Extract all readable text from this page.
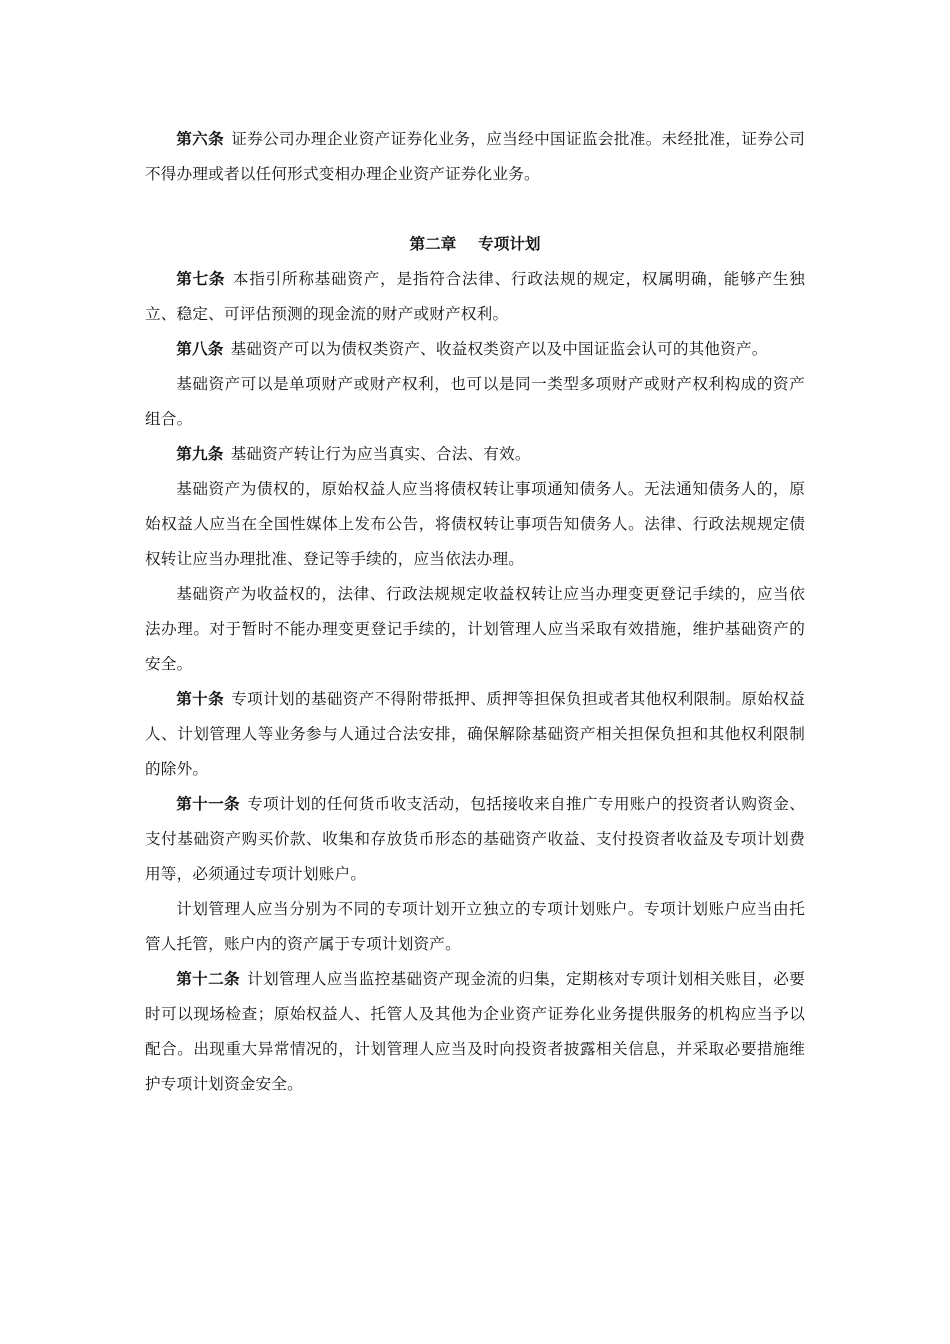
第六条 证券公司办理企业资产证券化业务，应当经中国证监会批准。未经批准，证券公司不得办理或者以任何形式变相办理企业资产证券化业务。

第二章 专项计划

第七条 本指引所称基础资产，是指符合法律、行政法规的规定，权属明确，能够产生独立、稳定、可评估预测的现金流的财产或财产权利。

第八条 基础资产可以为债权类资产、收益权类资产以及中国证监会认可的其他资产。

基础资产可以是单项财产或财产权利，也可以是同一类型多项财产或财产权利构成的资产组合。

第九条 基础资产转让行为应当真实、合法、有效。

基础资产为债权的，原始权益人应当将债权转让事项通知债务人。无法通知债务人的，原始权益人应当在全国性媒体上发布公告，将债权转让事项告知债务人。法律、行政法规规定债权转让应当办理批准、登记等手续的，应当依法办理。

基础资产为收益权的，法律、行政法规规定收益权转让应当办理变更登记手续的，应当依法办理。对于暂时不能办理变更登记手续的，计划管理人应当采取有效措施，维护基础资产的安全。

第十条 专项计划的基础资产不得附带抵押、质押等担保负担或者其他权利限制。原始权益人、计划管理人等业务参与人通过合法安排，确保解除基础资产相关担保负担和其他权利限制的除外。

第十一条 专项计划的任何货币收支活动，包括接收来自推广专用账户的投资者认购资金、支付基础资产购买价款、收集和存放货币形态的基础资产收益、支付投资者收益及专项计划费用等，必须通过专项计划账户。

计划管理人应当分别为不同的专项计划开立独立的专项计划账户。专项计划账户应当由托管人托管，账户内的资产属于专项计划资产。

第十二条 计划管理人应当监控基础资产现金流的归集，定期核对专项计划相关账目，必要时可以现场检查；原始权益人、托管人及其他为企业资产证券化业务提供服务的机构应当予以配合。出现重大异常情况的，计划管理人应当及时向投资者披露相关信息，并采取必要措施维护专项计划资金安全。
